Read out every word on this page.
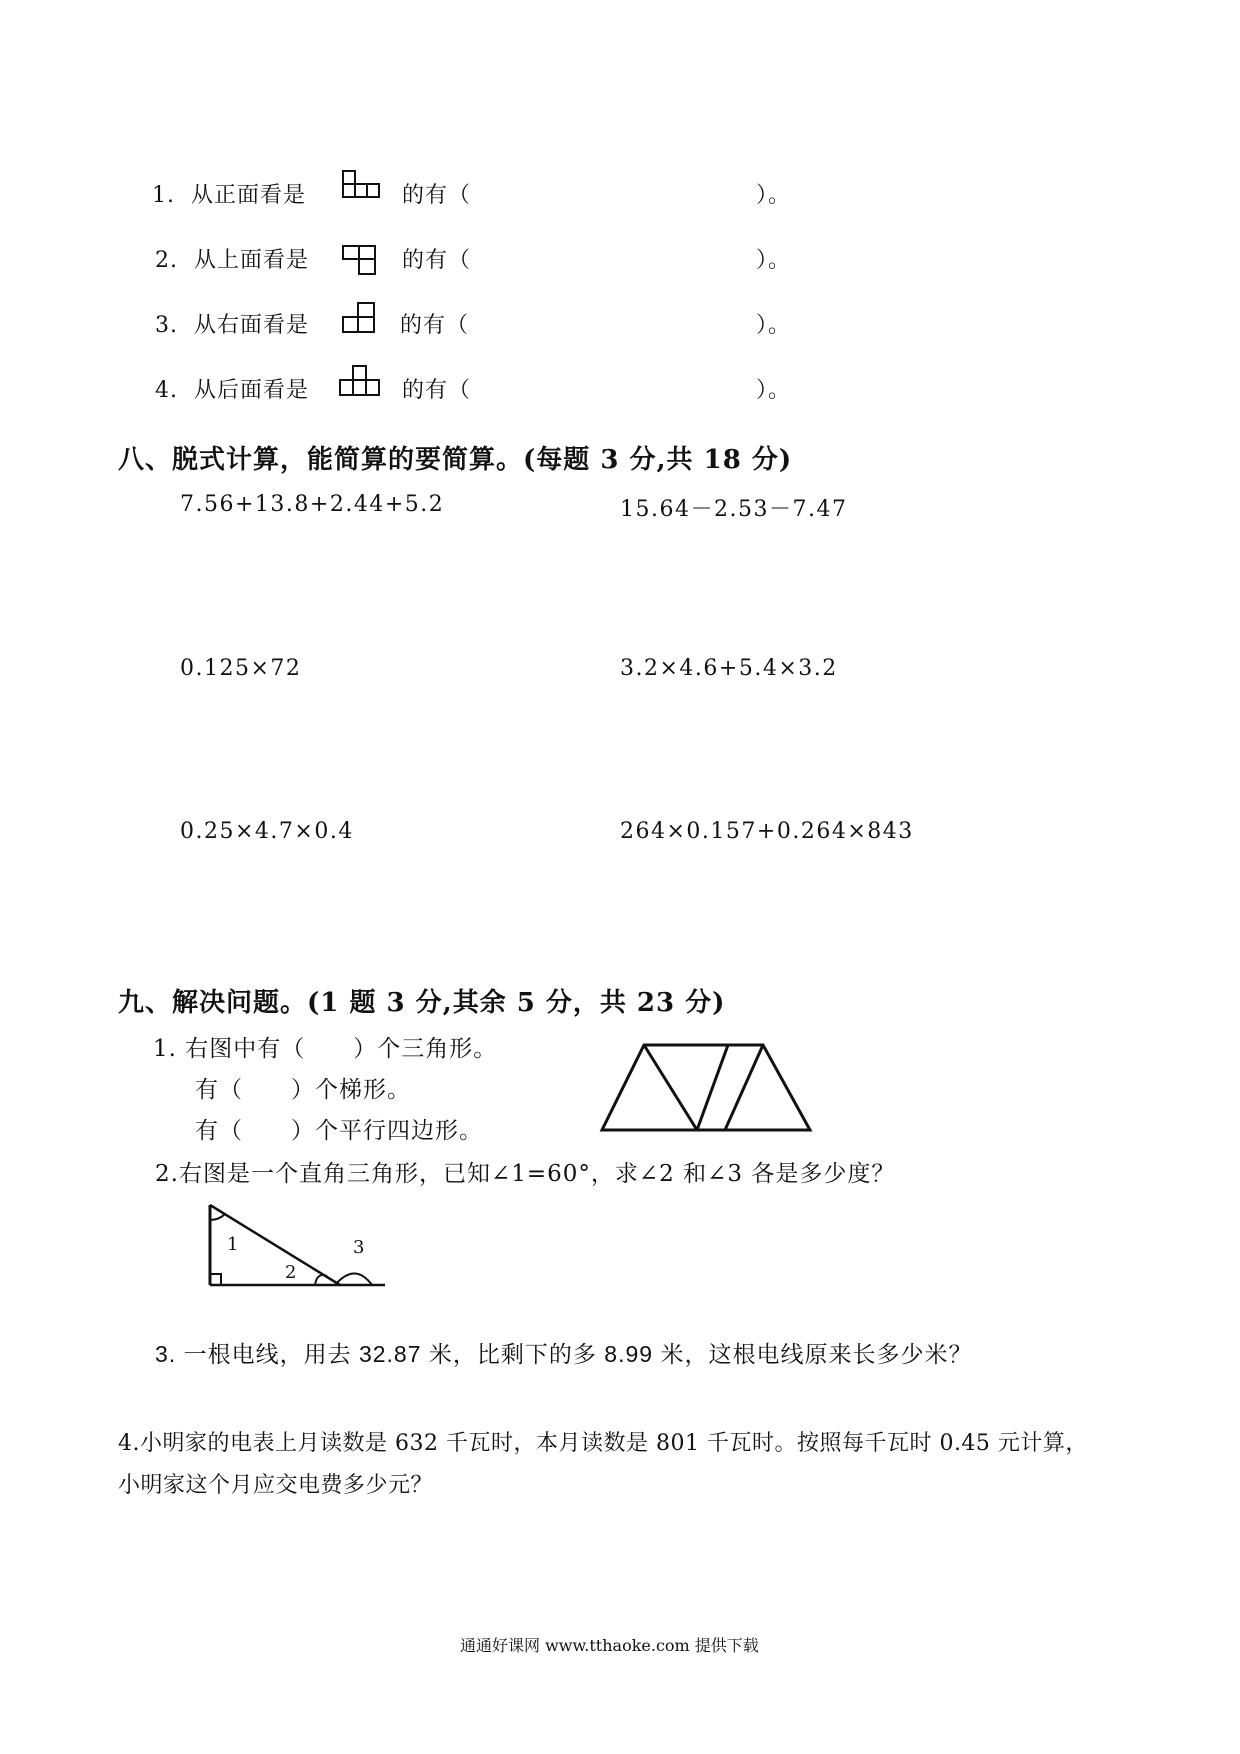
1. 从正面看是	的有（	）。
2. 从上面看是	的有（	）。
3. 从右面看是	的有（	）。
4. 从后面看是	的有（	）。
八、脱式计算，能简算的要简算。(每题 3 分,共 18 分)
7.56+13.8+2.44+5.2	15.64－2.53－7.47
0.125×72	3.2×4.6+5.4×3.2
0.25×4.7×0.4	264×0.157+0.264×843
九、解决问题。(1 题 3 分,其余 5 分，共 23 分)
1. 右图中有（　　）个三角形。
有（　　）个梯形。
有（　　）个平行四边形。
2.右图是一个直角三角形，已知∠1=60°，求∠2 和∠3 各是多少度？
1
2
3
3. 一根电线，用去 32.87 米，比剩下的多 8.99 米，这根电线原来长多少米？
4.小明家的电表上月读数是 632 千瓦时，本月读数是 801 千瓦时。按照每千瓦时 0.45 元计算，
小明家这个月应交电费多少元？
通通好课网 www.tthaoke.com 提供下载
